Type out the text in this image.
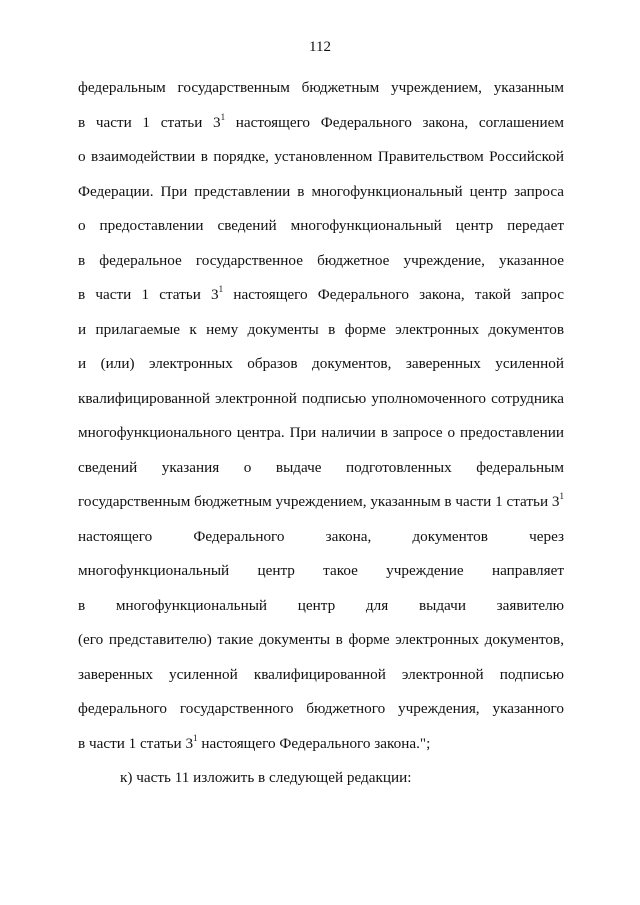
112
федеральным государственным бюджетным учреждением, указанным
в части 1 статьи $3^1$ настоящего Федерального закона, соглашением
о взаимодействии в порядке, установленном Правительством Российской
Федерации. При представлении в многофункциональный центр запроса
о предоставлении сведений многофункциональный центр передает
в федеральное государственное бюджетное учреждение, указанное
в части 1 статьи $3^1$ настоящего Федерального закона, такой запрос
и прилагаемые к нему документы в форме электронных документов
и (или) электронных образов документов, заверенных усиленной
квалифицированной электронной подписью уполномоченного сотрудника
многофункционального центра. При наличии в запросе о предоставлении
сведений указания о выдаче подготовленных федеральным
государственным бюджетным учреждением, указанным в части 1 статьи $3^1$
настоящего Федерального закона, документов через
многофункциональный центр такое учреждение направляет
в многофункциональный центр для выдачи заявителю
(его представителю) такие документы в форме электронных документов,
заверенных усиленной квалифицированной электронной подписью
федерального государственного бюджетного учреждения, указанного
в части 1 статьи $3^1$ настоящего Федерального закона.";
к) часть 11 изложить в следующей редакции:
